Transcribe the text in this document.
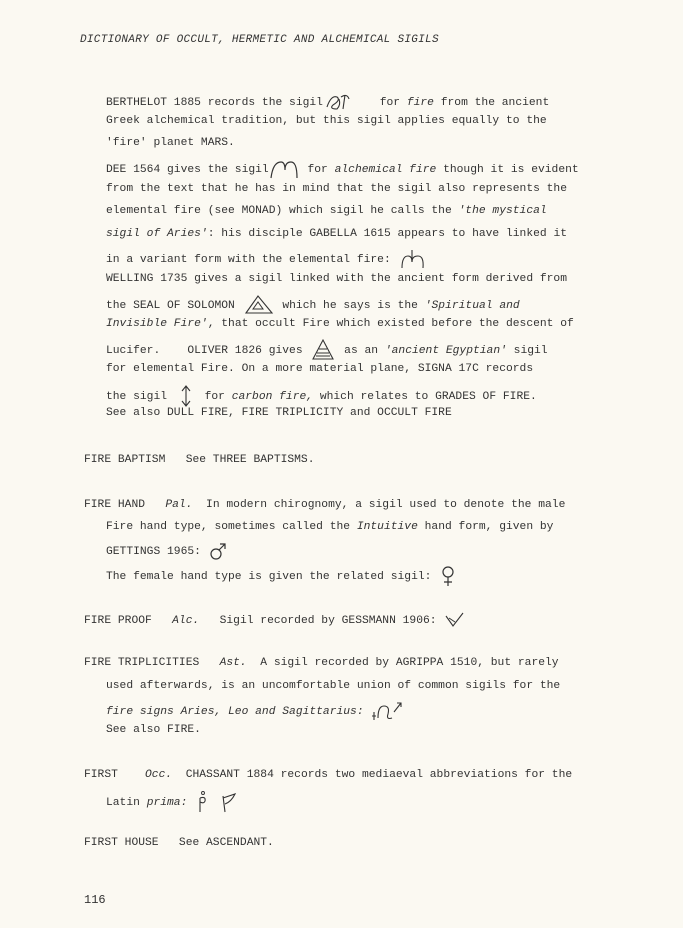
DICTIONARY OF OCCULT, HERMETIC AND ALCHEMICAL SIGILS
BERTHELOT 1885 records the sigil	for fire from the ancient
Greek alchemical tradition, but this sigil applies equally to the
'fire' planet MARS.
DEE 1564 gives the sigil	for alchemical fire though it is evident
from the text that he has in mind that the sigil also represents the
elemental fire (see MONAD) which sigil he calls the 'the mystical
sigil of Aries': his disciple GABELLA 1615 appears to have linked it
in a variant form with the elemental fire:
WELLING 1735 gives a sigil linked with the ancient form derived from
the SEAL OF SOLOMON	which he says is the 'Spiritual and
Invisible Fire', that occult Fire which existed before the descent of
Lucifer.    OLIVER 1826 gives	as an 'ancient Egyptian' sigil
for elemental Fire. On a more material plane, SIGNA 17C records
the sigil	for carbon fire, which relates to GRADES OF FIRE.
See also DULL FIRE, FIRE TRIPLICITY and OCCULT FIRE
FIRE BAPTISM   See THREE BAPTISMS.
FIRE HAND Pal. In modern chirognomy, a sigil used to denote the male
Fire hand type, sometimes called the Intuitive hand form, given by
GETTINGS 1965:
The female hand type is given the related sigil:
FIRE PROOF Alc. Sigil recorded by GESSMANN 1906:
FIRE TRIPLICITIES Ast. A sigil recorded by AGRIPPA 1510, but rarely
used afterwards, is an uncomfortable union of common sigils for the
fire signs Aries, Leo and Sagittarius:
See also FIRE.
FIRST Occ. CHASSANT 1884 records two mediaeval abbreviations for the
Latin prima:

FIRST HOUSE   See ASCENDANT.
116
